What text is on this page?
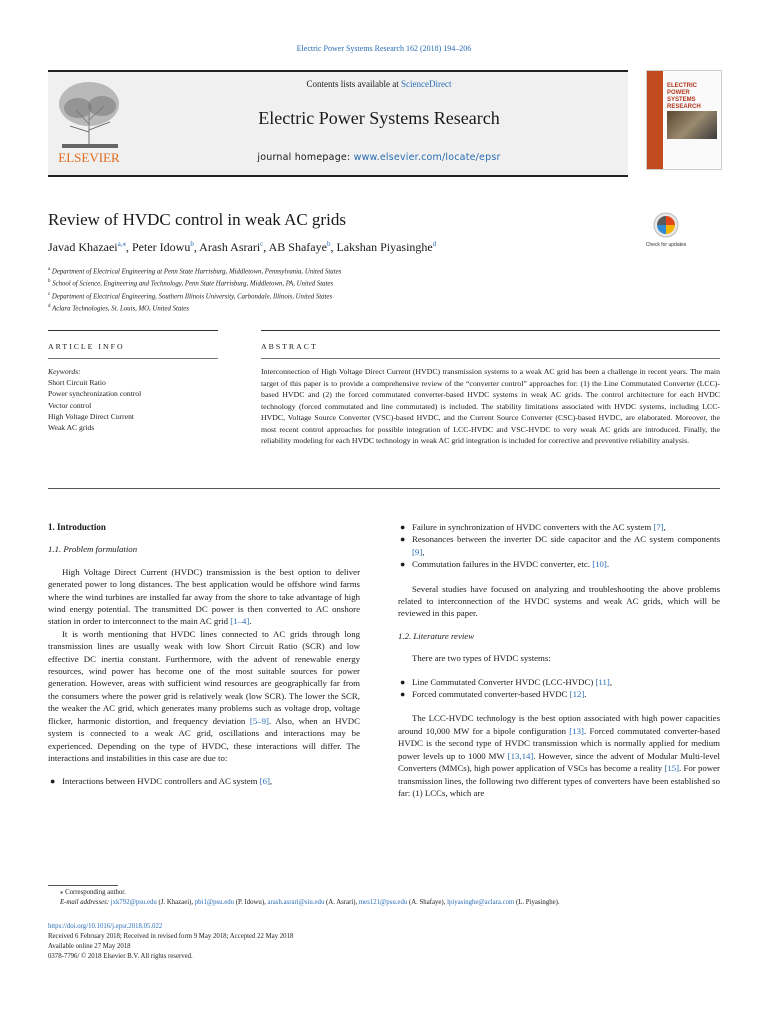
Electric Power Systems Research 162 (2018) 194–206
ELSEVIER
Contents lists available at ScienceDirect
Electric Power Systems Research
journal homepage: www.elsevier.com/locate/epsr
ELECTRIC POWER SYSTEMS RESEARCH
Review of HVDC control in weak AC grids
Check for updates
Javad Khazaei$^{a,⁎}$, Peter Idowu$^b$, Arash Asrari$^c$, AB Shafaye$^b$, Lakshan Piyasinghe$^d$
$^a$ Department of Electrical Engineering at Penn State Harrisburg, Middletown, Pennsylvania, United States
$^b$ School of Science, Engineering and Technology, Penn State Harrisburg, Middletown, PA, United States
$^c$ Department of Electrical Engineering, Southern Illinois University, Carbondale, Illinois, United States
$^d$ Aclara Technologies, St. Louis, MO, United States
ARTICLE INFO	ABSTRACT
Keywords:
Short Circuit Ratio
Power synchronization control
Vector control
High Voltage Direct Current
Weak AC grids
Interconnection of High Voltage Direct Current (HVDC) transmission systems to a weak AC grid has been a challenge in recent years. The main target of this paper is to provide a comprehensive review of the “converter control” approaches for: (1) the Line Commutated Converter (LCC)-based HVDC and (2) the forced commutated converter-based HVDC systems in weak AC grids. The control architecture for each HVDC technology (forced commutated and line commutated) is included. The stability limitations associated with HVDC systems, including LCC-HVDC, Voltage Source Converter (VSC)-based HVDC, and the Current Source Converter (CSC)-based HVDC, are elaborated. Moreover, the most recent control approaches for possible integration of LCC-HVDC and VSC-HVDC to very weak AC grids are introduced. Finally, the reliability modeling for each HVDC technology in weak AC grid integration is included for corrective and preventive reliability analysis.
1. Introduction
1.1. Problem formulation

High Voltage Direct Current (HVDC) transmission is the best option to deliver generated power to long distances. The best application would be offshore wind farms where the wind turbines are installed far away from the shore to take advantage of high wind energy potential. The transmitted DC power is then converted to AC onshore station in order to interconnect to the main AC grid [1–4].

It is worth mentioning that HVDC lines connected to AC grids through long transmission lines are usually weak with low Short Circuit Ratio (SCR) and low effective DC inertia constant. Furthermore, with the advent of renewable energy resources, wind power has become one of the most suitable sources for power generation. However, areas with sufficient wind resources are geographically far from the consumers where the power grid is relatively weak (low SCR). The lower the SCR, the weaker the AC grid, which generates many problems such as voltage drop, voltage flicker, harmonic distortion, and frequency deviation [5–9]. Also, when an HVDC system is connected to a weak AC grid, oscillations and interactions may be experienced. Depending on the type of HVDC, these interactions will differ. The interactions and instabilities in this case are due to:

● Interactions between HVDC controllers and AC system [6],
● Failure in synchronization of HVDC converters with the AC system [7],
● Resonances between the inverter DC side capacitor and the AC system components [9],
● Commutation failures in the HVDC converter, etc. [10].

Several studies have focused on analyzing and troubleshooting the above problems related to interconnection of the HVDC systems and weak AC grids, which will be reviewed in this paper.

1.2. Literature review

There are two types of HVDC systems:

● Line Commutated Converter HVDC (LCC-HVDC) [11],
● Forced commutated converter-based HVDC [12].

The LCC-HVDC technology is the best option associated with high power capacities around 10,000 MW for a bipole configuration [13]. Forced commutated converter-based HVDC is the second type of HVDC transmission which is normally applied for medium power levels up to 1000 MW [13,14]. However, since the advent of Modular Multi-level Converters (MMCs), high power application of VSCs has become a reality [15]. For power transmission lines, the following two different types of converters have been established so far: (1) LCCs, which are

⁎ Corresponding author.
E-mail addresses: jxk792@psu.edu (J. Khazaei), pbi1@psu.edu (P. Idowu), arash.asrari@siu.edu (A. Asrari), mes121@psu.edu (A. Shafaye), lpiyasinghe@aclara.com (L. Piyasinghe).
https://doi.org/10.1016/j.epsr.2018.05.022
Received 6 February 2018; Received in revised form 9 May 2018; Accepted 22 May 2018
Available online 27 May 2018
0378-7796/ © 2018 Elsevier B.V. All rights reserved.
